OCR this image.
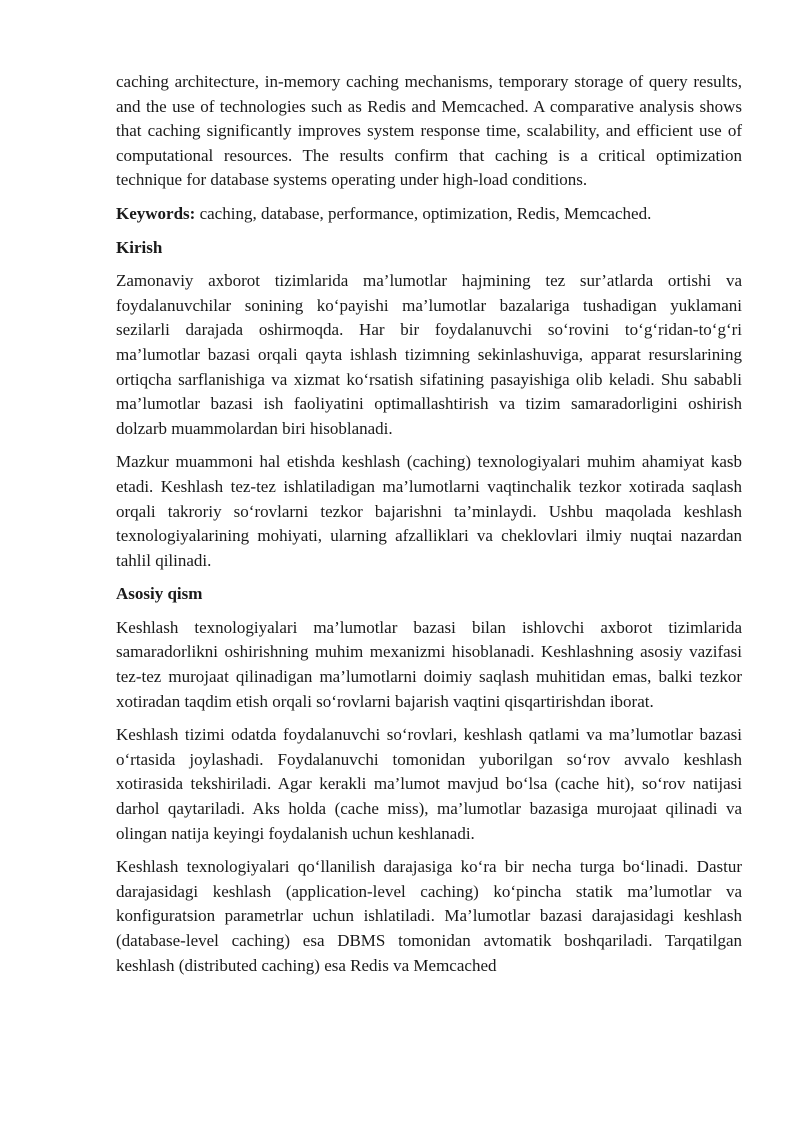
caching architecture, in-memory caching mechanisms, temporary storage of query results, and the use of technologies such as Redis and Memcached. A comparative analysis shows that caching significantly improves system response time, scalability, and efficient use of computational resources. The results confirm that caching is a critical optimization technique for database systems operating under high-load conditions.

Keywords: caching, database, performance, optimization, Redis, Memcached.

Kirish

Zamonaviy axborot tizimlarida ma’lumotlar hajmining tez sur’atlarda ortishi va foydalanuvchilar sonining ko‘payishi ma’lumotlar bazalariga tushadigan yuklamani sezilarli darajada oshirmoqda. Har bir foydalanuvchi so‘rovini to‘g‘ridan-to‘g‘ri ma’lumotlar bazasi orqali qayta ishlash tizimning sekinlashuviga, apparat resurslarining ortiqcha sarflanishiga va xizmat ko‘rsatish sifatining pasayishiga olib keladi. Shu sababli ma’lumotlar bazasi ish faoliyatini optimallashtirish va tizim samaradorligini oshirish dolzarb muammolardan biri hisoblanadi.

Mazkur muammoni hal etishda keshlash (caching) texnologiyalari muhim ahamiyat kasb etadi. Keshlash tez-tez ishlatiladigan ma’lumotlarni vaqtinchalik tezkor xotirada saqlash orqali takroriy so‘rovlarni tezkor bajarishni ta’minlaydi. Ushbu maqolada keshlash texnologiyalarining mohiyati, ularning afzalliklari va cheklovlari ilmiy nuqtai nazardan tahlil qilinadi.

Asosiy qism

Keshlash texnologiyalari ma’lumotlar bazasi bilan ishlovchi axborot tizimlarida samaradorlikni oshirishning muhim mexanizmi hisoblanadi. Keshlashning asosiy vazifasi tez-tez murojaat qilinadigan ma’lumotlarni doimiy saqlash muhitidan emas, balki tezkor xotiradan taqdim etish orqali so‘rovlarni bajarish vaqtini qisqartirishdan iborat.

Keshlash tizimi odatda foydalanuvchi so‘rovlari, keshlash qatlami va ma’lumotlar bazasi o‘rtasida joylashadi. Foydalanuvchi tomonidan yuborilgan so‘rov avvalo keshlash xotirasida tekshiriladi. Agar kerakli ma’lumot mavjud bo‘lsa (cache hit), so‘rov natijasi darhol qaytariladi. Aks holda (cache miss), ma’lumotlar bazasiga murojaat qilinadi va olingan natija keyingi foydalanish uchun keshlanadi.

Keshlash texnologiyalari qo‘llanilish darajasiga ko‘ra bir necha turga bo‘linadi. Dastur darajasidagi keshlash (application-level caching) ko‘pincha statik ma’lumotlar va konfiguratsion parametrlar uchun ishlatiladi. Ma’lumotlar bazasi darajasidagi keshlash (database-level caching) esa DBMS tomonidan avtomatik boshqariladi. Tarqatilgan keshlash (distributed caching) esa Redis va Memcached
